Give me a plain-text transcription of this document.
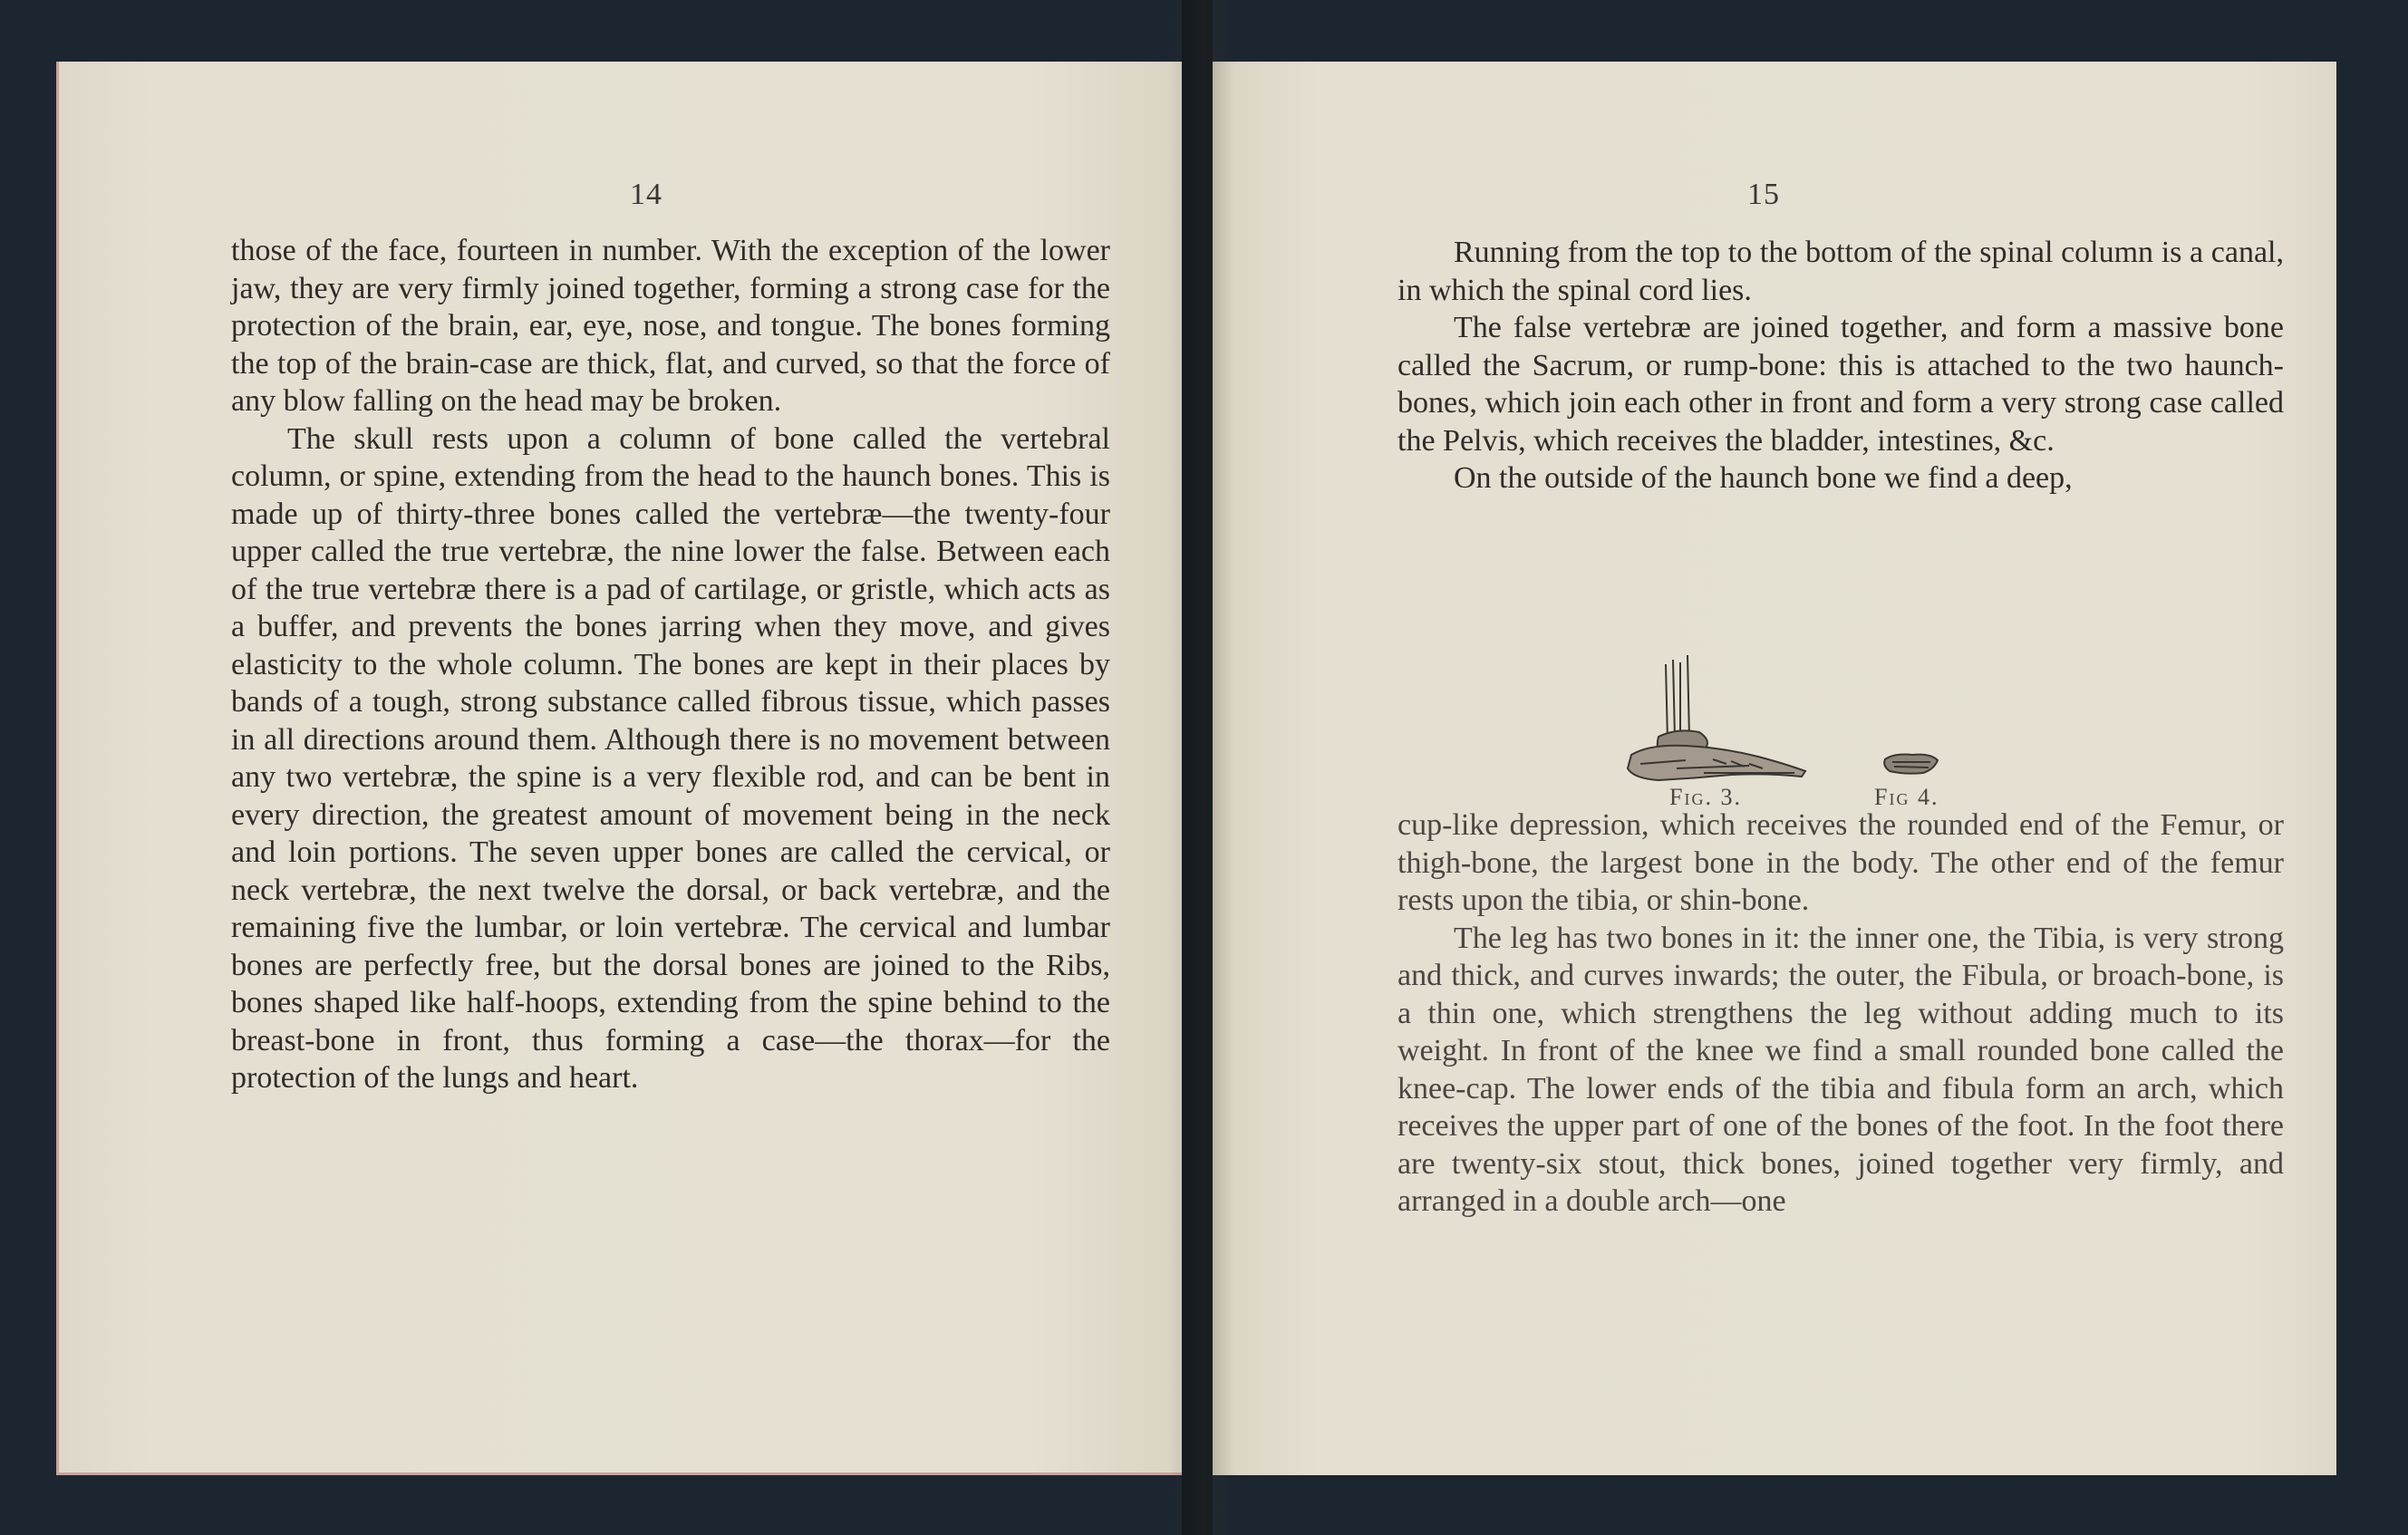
14

those of the face, fourteen in number. With the exception of the lower jaw, they are very firmly joined together, forming a strong case for the protection of the brain, ear, eye, nose, and tongue. The bones forming the top of the brain-case are thick, flat, and curved, so that the force of any blow falling on the head may be broken.

The skull rests upon a column of bone called the vertebral column, or spine, extending from the head to the haunch bones. This is made up of thirty-three bones called the vertebræ—the twenty-four upper called the true vertebræ, the nine lower the false. Between each of the true vertebræ there is a pad of cartilage, or gristle, which acts as a buffer, and prevents the bones jarring when they move, and gives elasticity to the whole column. The bones are kept in their places by bands of a tough, strong substance called fibrous tissue, which passes in all directions around them. Although there is no movement between any two vertebræ, the spine is a very flexible rod, and can be bent in every direction, the greatest amount of movement being in the neck and loin portions. The seven upper bones are called the cervical, or neck vertebræ, the next twelve the dorsal, or back vertebræ, and the remaining five the lumbar, or loin vertebræ. The cervical and lumbar bones are perfectly free, but the dorsal bones are joined to the Ribs, bones shaped like half-hoops, extending from the spine behind to the breast-bone in front, thus forming a case—the thorax—for the protection of the lungs and heart.

15

Running from the top to the bottom of the spinal column is a canal, in which the spinal cord lies.

The false vertebræ are joined together, and form a massive bone called the Sacrum, or rump-bone: this is attached to the two haunch-bones, which join each other in front and form a very strong case called the Pelvis, which receives the bladder, intestines, &c.

On the outside of the haunch bone we find a deep,

Fig. 3.	Fig 4.

cup-like depression, which receives the rounded end of the Femur, or thigh-bone, the largest bone in the body. The other end of the femur rests upon the tibia, or shin-bone.

The leg has two bones in it: the inner one, the Tibia, is very strong and thick, and curves inwards; the outer, the Fibula, or broach-bone, is a thin one, which strengthens the leg without adding much to its weight. In front of the knee we find a small rounded bone called the knee-cap. The lower ends of the tibia and fibula form an arch, which receives the upper part of one of the bones of the foot. In the foot there are twenty-six stout, thick bones, joined together very firmly, and arranged in a double arch—one
